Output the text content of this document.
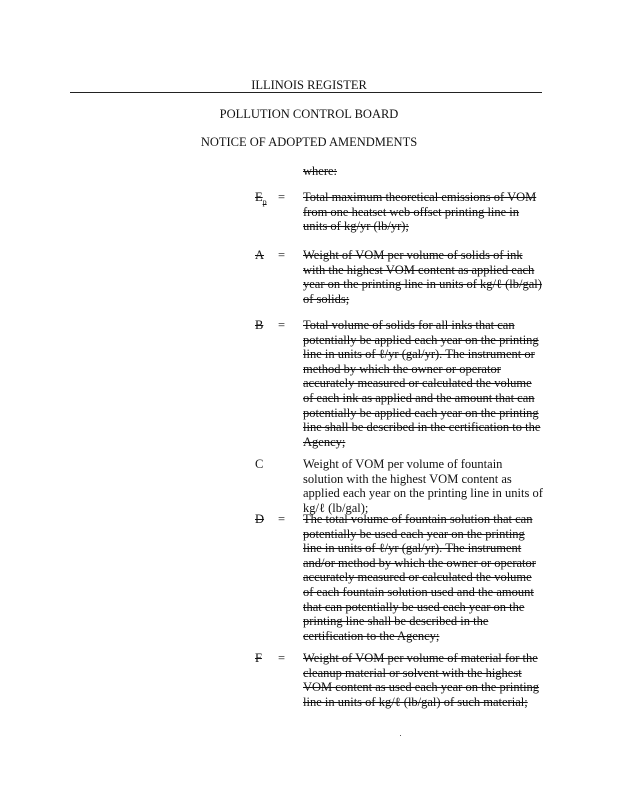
ILLINOIS REGISTER
POLLUTION CONTROL BOARD
NOTICE OF ADOPTED AMENDMENTS
where:
$E_p$ = Total maximum theoretical emissions of VOM from one heatset web offset printing line in units of kg/yr (lb/yr);
A = Weight of VOM per volume of solids of ink with the highest VOM content as applied each year on the printing line in units of kg/ℓ (lb/gal) of solids;
B = Total volume of solids for all inks that can potentially be applied each year on the printing line in units of ℓ/yr (gal/yr). The instrument or method by which the owner or operator accurately measured or calculated the volume of each ink as applied and the amount that can potentially be applied each year on the printing line shall be described in the certification to the Agency;
C	Weight of VOM per volume of fountain solution with the highest VOM content as applied each year on the printing line in units of kg/ℓ (lb/gal);
D = The total volume of fountain solution that can potentially be used each year on the printing line in units of ℓ/yr (gal/yr). The instrument and/or method by which the owner or operator accurately measured or calculated the volume of each fountain solution used and the amount that can potentially be used each year on the printing line shall be described in the certification to the Agency;
F = Weight of VOM per volume of material for the cleanup material or solvent with the highest VOM content as used each year on the printing line in units of kg/ℓ (lb/gal) of such material;
